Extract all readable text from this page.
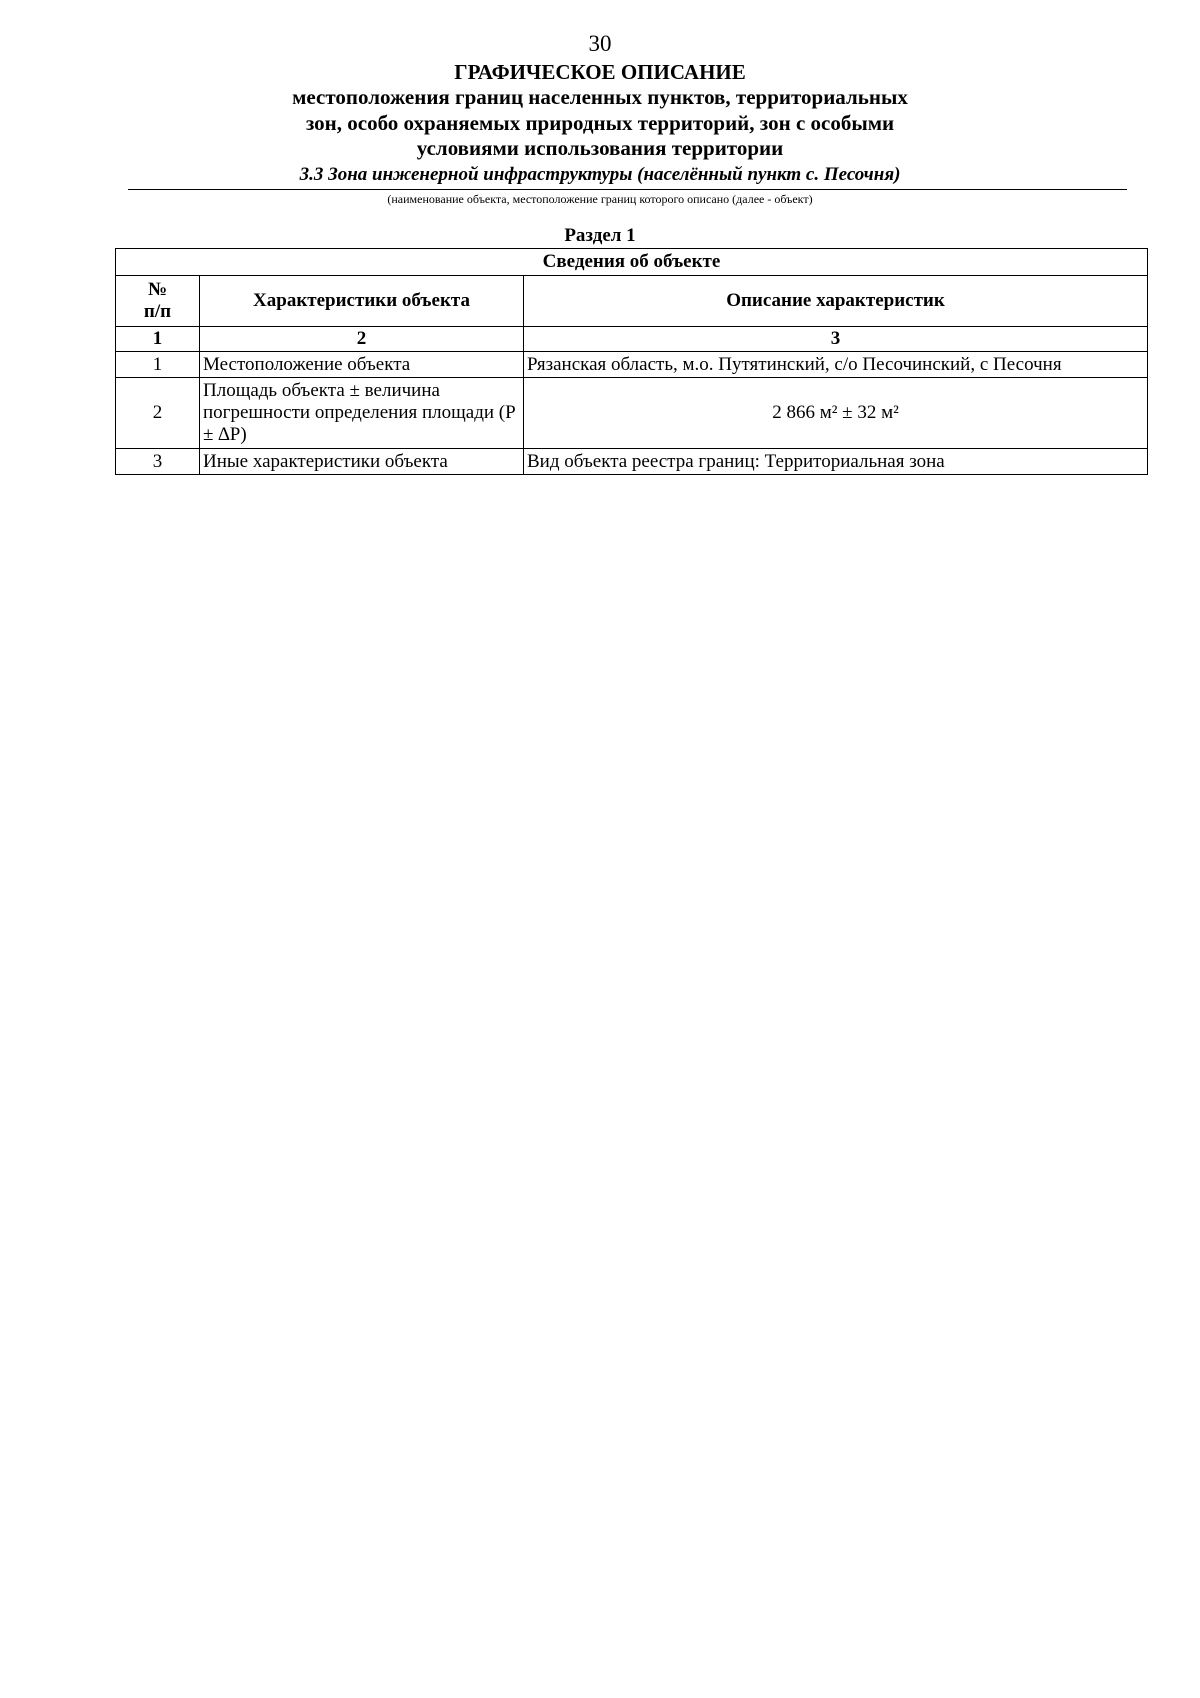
30
ГРАФИЧЕСКОЕ ОПИСАНИЕ
местоположения границ населенных пунктов, территориальных
зон, особо охраняемых природных территорий, зон с особыми
условиями использования территории
3.3 Зона инженерной инфраструктуры (населённый пункт с. Песочня)
(наименование объекта, местоположение границ которого описано (далее - объект)
Раздел 1
Сведения об объекте		
№ п/п	Характеристики объекта	Описание характеристик
1	2	3
1	Местоположение объекта	Рязанская область, м.о. Путятинский, с/о Песочинский, с Песочня
2	Площадь объекта ± величина погрешности определения площади (P ± ∆P)	2 866 м² ± 32 м²
3	Иные характеристики объекта	Вид объекта реестра границ: Территориальная зона
